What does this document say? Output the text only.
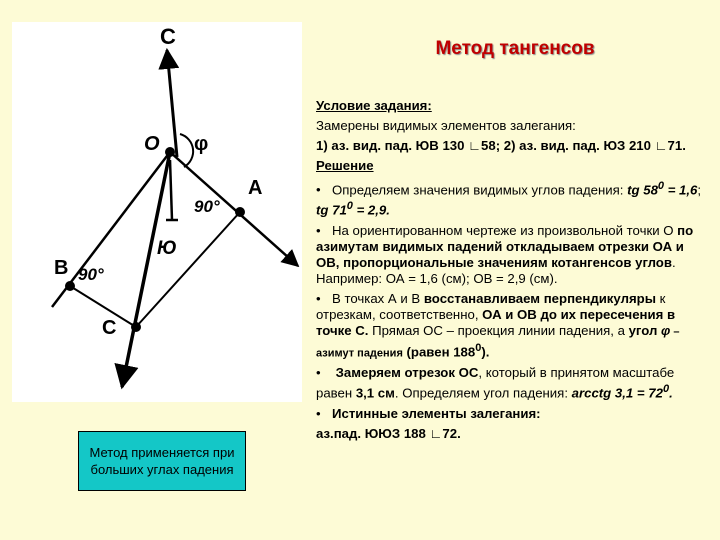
Метод тангенсов
С
О φ
А
90°
Ю
В 90°
С
Условие задания:
Замерены видимых элементов залегания:
1) аз. вид. пад. ЮВ 130 ∟58; 2) аз. вид. пад. ЮЗ 210 ∟71.
Решение
• Определяем значения видимых углов падения: tg $58^0 = 1,6$; tg $71^0 = 2,9$.
• На ориентированном чертеже из произвольной точки О по азимутам видимых падений откладываем отрезки ОА и ОВ, пропорциональные значениям котангенсов углов. Например: ОА = 1,6 (см); ОВ = 2,9 (см).
• В точках А и В восстанавливаем перпендикуляры к отрезкам, соответственно, ОА и ОВ до их пересечения в точке С. Прямая ОС – проекция линии падения, а угол φ – азимут падения (равен $188^0$).
• Замеряем отрезок ОС, который в принятом масштабе равен 3,1 см. Определяем угол падения: arcctg $3,1 = 72^0$.
• Истинные элементы залегания:
аз.пад. ЮЮЗ 188 ∟72.
Метод применяется при больших углах падения
